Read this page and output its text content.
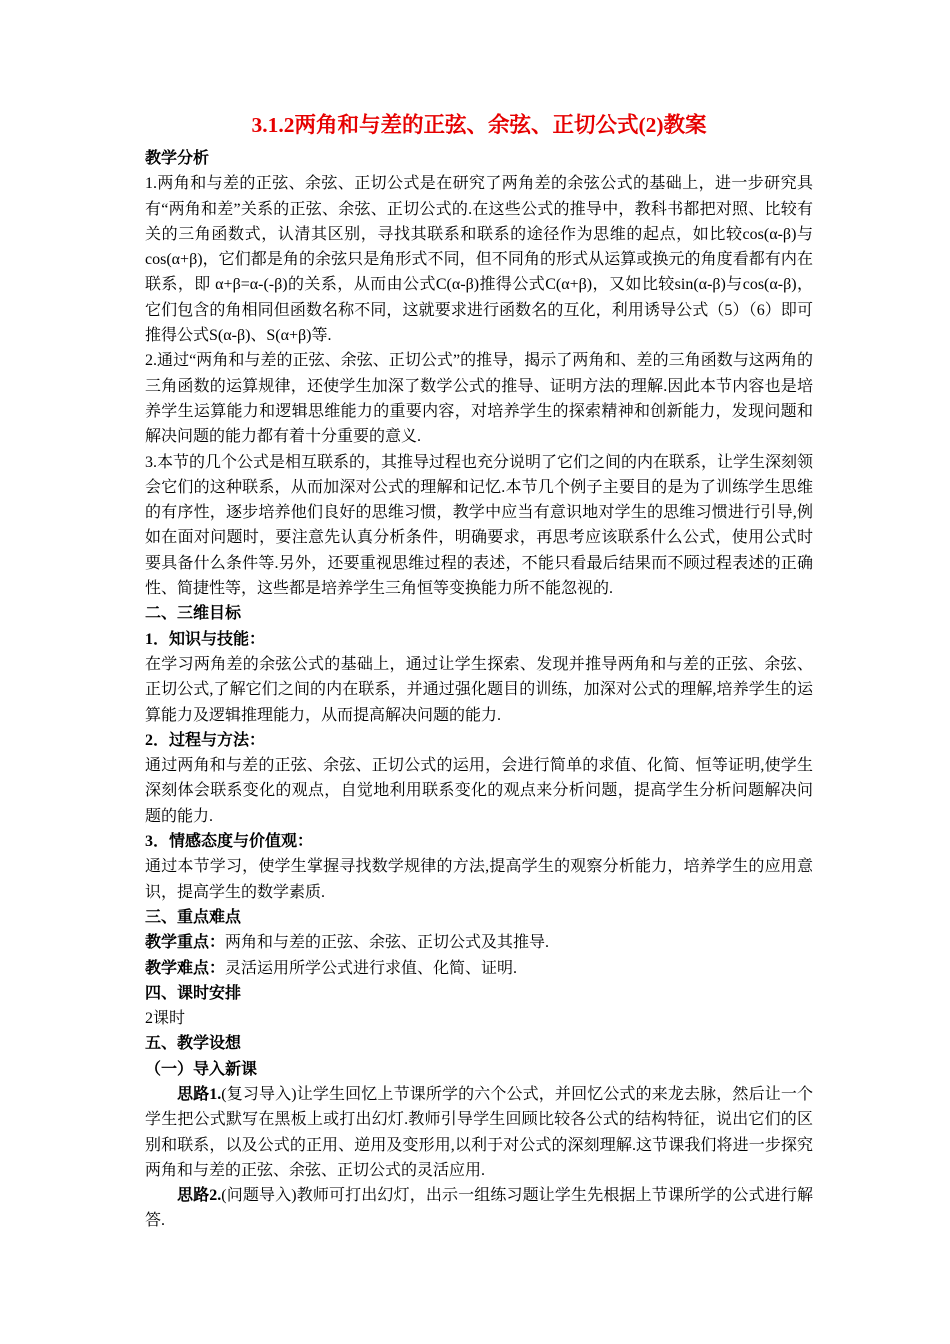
3.1.2两角和与差的正弦、余弦、正切公式(2)教案
教学分析

1.两角和与差的正弦、余弦、正切公式是在研究了两角差的余弦公式的基础上，进一步研究具有“两角和差”关系的正弦、余弦、正切公式的.在这些公式的推导中，教科书都把对照、比较有关的三角函数式，认清其区别，寻找其联系和联系的途径作为思维的起点，如比较cos(α-β)与cos(α+β)，它们都是角的余弦只是角形式不同，但不同角的形式从运算或换元的角度看都有内在联系，即 α+β=α-(-β)的关系，从而由公式C(α-β)推得公式C(α+β)，又如比较sin(α-β)与cos(α-β)，它们包含的角相同但函数名称不同，这就要求进行函数名的互化，利用诱导公式（5）（6）即可推得公式S(α-β)、S(α+β)等.

2.通过“两角和与差的正弦、余弦、正切公式”的推导，揭示了两角和、差的三角函数与这两角的三角函数的运算规律，还使学生加深了数学公式的推导、证明方法的理解.因此本节内容也是培养学生运算能力和逻辑思维能力的重要内容，对培养学生的探索精神和创新能力，发现问题和解决问题的能力都有着十分重要的意义.

3.本节的几个公式是相互联系的，其推导过程也充分说明了它们之间的内在联系，让学生深刻领会它们的这种联系，从而加深对公式的理解和记忆.本节几个例子主要目的是为了训练学生思维的有序性，逐步培养他们良好的思维习惯，教学中应当有意识地对学生的思维习惯进行引导,例如在面对问题时，要注意先认真分析条件，明确要求，再思考应该联系什么公式，使用公式时要具备什么条件等.另外，还要重视思维过程的表述，不能只看最后结果而不顾过程表述的正确性、简捷性等，这些都是培养学生三角恒等变换能力所不能忽视的.

二、三维目标
1．知识与技能：

在学习两角差的余弦公式的基础上，通过让学生探索、发现并推导两角和与差的正弦、余弦、正切公式,了解它们之间的内在联系，并通过强化题目的训练，加深对公式的理解,培养学生的运算能力及逻辑推理能力，从而提高解决问题的能力.

2．过程与方法：

通过两角和与差的正弦、余弦、正切公式的运用，会进行简单的求值、化简、恒等证明,使学生深刻体会联系变化的观点，自觉地利用联系变化的观点来分析问题，提高学生分析问题解决问题的能力.

3．情感态度与价值观：

通过本节学习，使学生掌握寻找数学规律的方法,提高学生的观察分析能力，培养学生的应用意识，提高学生的数学素质.

三、重点难点

教学重点：两角和与差的正弦、余弦、正切公式及其推导.

教学难点：灵活运用所学公式进行求值、化简、证明.

四、课时安排

2课时

五、教学设想
（一）导入新课

思路1.(复习导入)让学生回忆上节课所学的六个公式，并回忆公式的来龙去脉，然后让一个学生把公式默写在黑板上或打出幻灯.教师引导学生回顾比较各公式的结构特征，说出它们的区别和联系，以及公式的正用、逆用及变形用,以利于对公式的深刻理解.这节课我们将进一步探究两角和与差的正弦、余弦、正切公式的灵活应用.

思路2.(问题导入)教师可打出幻灯，出示一组练习题让学生先根据上节课所学的公式进行解答.
